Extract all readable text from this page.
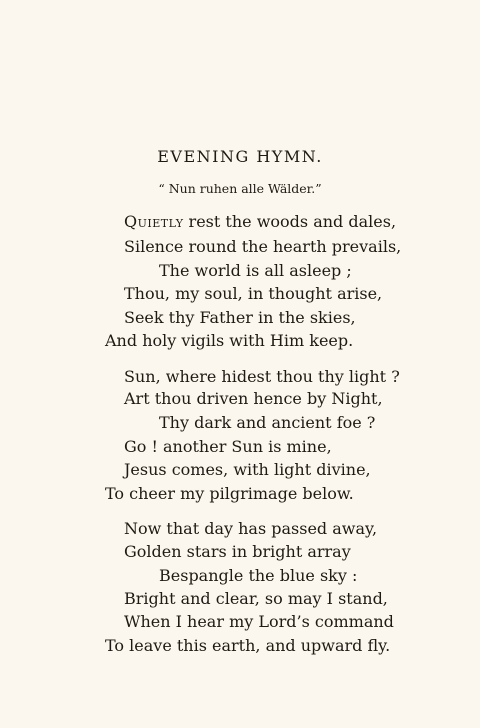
EVENING HYMN.

“ Nun ruhen alle Wälder.”

Quietly rest the woods and dales,
Silence round the hearth prevails,
The world is all asleep ;
Thou, my soul, in thought arise,
Seek thy Father in the skies,
And holy vigils with Him keep.
Sun, where hidest thou thy light ?
Art thou driven hence by Night,
Thy dark and ancient foe ?
Go ! another Sun is mine,
Jesus comes, with light divine,
To cheer my pilgrimage below.
Now that day has passed away,
Golden stars in bright array
Bespangle the blue sky :
Bright and clear, so may I stand,
When I hear my Lord’s command
To leave this earth, and upward fly.
